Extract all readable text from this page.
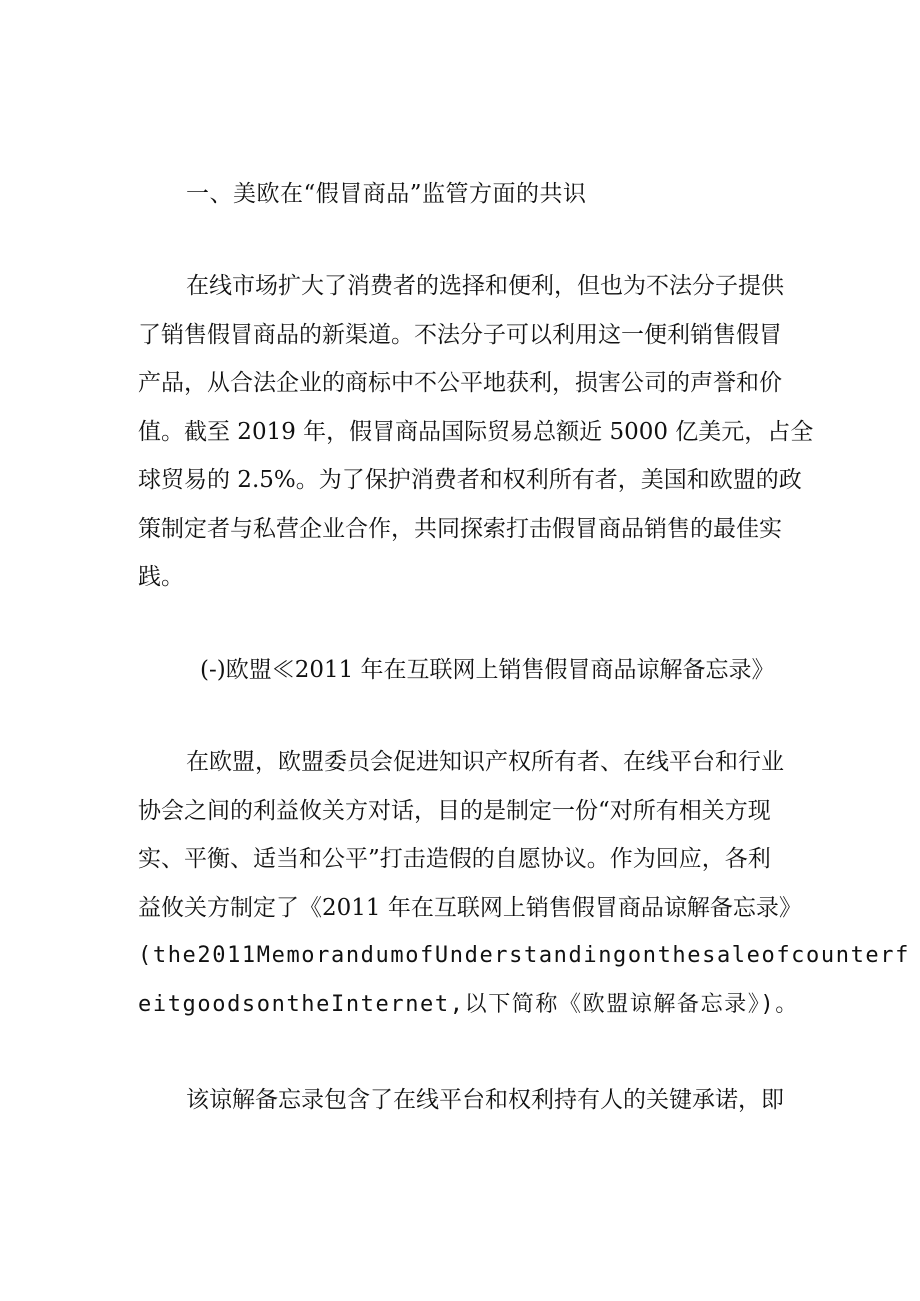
一、美欧在“假冒商品”监管方面的共识
在线市场扩大了消费者的选择和便利，但也为不法分子提供
了销售假冒商品的新渠道。不法分子可以利用这一便利销售假冒
产品，从合法企业的商标中不公平地获利，损害公司的声誉和价
值。截至 2019 年，假冒商品国际贸易总额近 5000 亿美元，占全
球贸易的 2.5%。为了保护消费者和权利所有者，美国和欧盟的政
策制定者与私营企业合作，共同探索打击假冒商品销售的最佳实
践。
(-)欧盟≪2011 年在互联网上销售假冒商品谅解备忘录》
在欧盟，欧盟委员会促进知识产权所有者、在线平台和行业
协会之间的利益攸关方对话，目的是制定一份“对所有相关方现
实、平衡、适当和公平”打击造假的自愿协议。作为回应，各利
益攸关方制定了《2011 年在互联网上销售假冒商品谅解备忘录》
(the2011MemorandumofUnderstandingonthesaleofcounterf
eitgoodsontheInternet,以下简称《欧盟谅解备忘录》)。
该谅解备忘录包含了在线平台和权利持有人的关键承诺，即
